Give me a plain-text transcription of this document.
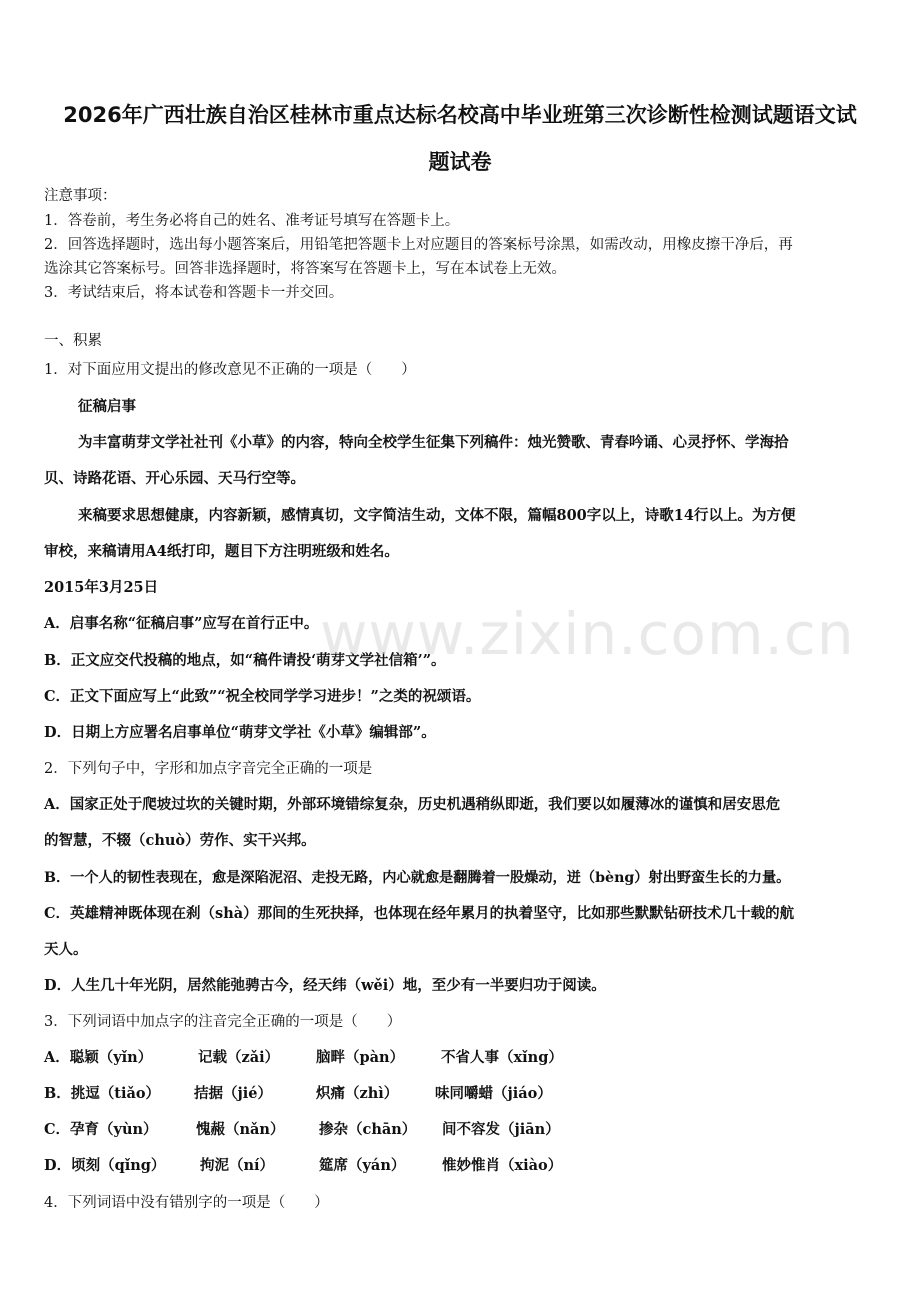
2026年广西壮族自治区桂林市重点达标名校高中毕业班第三次诊断性检测试题语文试
题试卷
注意事项：
1．答卷前，考生务必将自己的姓名、准考证号填写在答题卡上。
2．回答选择题时，选出每小题答案后，用铅笔把答题卡上对应题目的答案标号涂黑，如需改动，用橡皮擦干净后，再
选涂其它答案标号。回答非选择题时，将答案写在答题卡上，写在本试卷上无效。
3．考试结束后，将本试卷和答题卡一并交回。
一、积累
1．对下面应用文提出的修改意见不正确的一项是（　　）
征稿启事
为丰富萌芽文学社社刊《小草》的内容，特向全校学生征集下列稿件：烛光赞歌、青春吟诵、心灵抒怀、学海拾
贝、诗路花语、开心乐园、天马行空等。
来稿要求思想健康，内容新颖，感情真切，文字简洁生动，文体不限，篇幅800字以上，诗歌14行以上。为方便
审校，来稿请用A4纸打印，题目下方注明班级和姓名。
2015年3月25日
A．启事名称“征稿启事”应写在首行正中。
B．正文应交代投稿的地点，如“稿件请投‘萌芽文学社信箱’”。
C．正文下面应写上“此致”“祝全校同学学习进步！”之类的祝颂语。
D．日期上方应署名启事单位“萌芽文学社《小草》编辑部”。
2．下列句子中，字形和加点字音完全正确的一项是
A．国家正处于爬坡过坎的关键时期，外部环境错综复杂，历史机遇稍纵即逝，我们要以如履薄冰的谨慎和居安思危
的智慧，不辍（chuò）劳作、实干兴邦。
B．一个人的韧性表现在，愈是深陷泥沼、走投无路，内心就愈是翻腾着一股燥动，迸（bèng）射出野蛮生长的力量。
C．英雄精神既体现在刹（shà）那间的生死抉择，也体现在经年累月的执着坚守，比如那些默默钻研技术几十载的航
天人。
D．人生几十年光阴，居然能弛骋古今，经天纬（wěi）地，至少有一半要归功于阅读。
3．下列词语中加点字的注音完全正确的一项是（　　）
A．聪颖（yǐn）	记载（zǎi）	脑畔（pàn）	不省人事（xǐng）
B．挑逗（tiǎo） 拮据（jié）	炽痛（zhì）	味同嚼蜡（jiáo）
C．孕育（yùn）	愧赧（nǎn） 掺杂（chān） 间不容发（jiān）
D．顷刻（qǐng） 拘泥（ní）	筵席（yán）	惟妙惟肖（xiào）
4．下列词语中没有错别字的一项是（　　）
www.zixin.com.cn
